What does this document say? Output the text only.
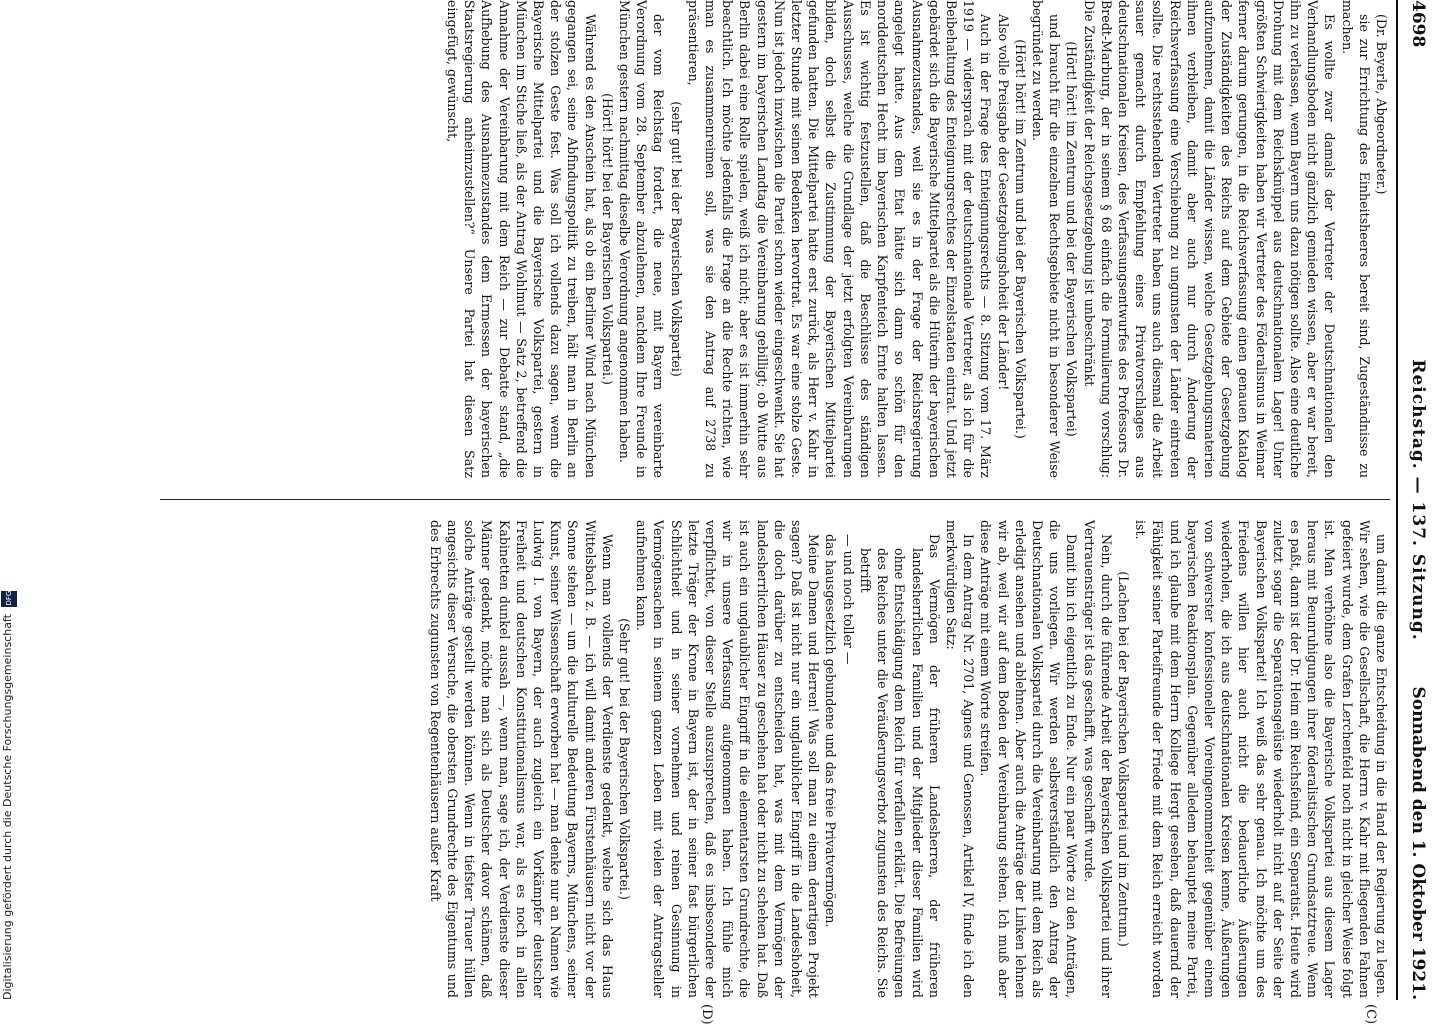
4698
Reichstag. — 137. Sitzung.
Sonnabend den 1. Oktober 1921.

(Dr. Beyerle, Abgeordneter.)

sie zur Errichtung des Einheitsheeres bereit sind, Zugeständnisse zu machen.

Es wollte zwar damals der Vertreter der Deutschnationalen den Verhandlungsboden nicht gänzlich gemieden wissen, aber er war bereit, ihn zu verlassen, wenn Bayern uns dazu nötigen sollte. Also eine deutliche Drohung mit dem Reichsknüppel aus deutschnationalem Lager! Unter größten Schwierigkeiten haben wir Vertreter des Föderalismus in Weimar ferner darum gerungen, in die Reichsverfassung einen genauen Katalog der Zuständigkeiten des Reichs auf dem Gebiete der Gesetzgebung aufzunehmen, damit die Länder wissen, welche Gesetzgebungsmaterien ihnen verbleiben, damit aber auch nur durch Änderung der Reichsverfassung eine Verschiebung zu ungunsten der Länder eintreten sollte. Die rechtsstehenden Vertreter haben uns auch diesmal die Arbeit sauer gemacht durch Empfehlung eines Privatvorschlages aus deutschnationalen Kreisen, des Verfassungsentwurfes des Professors Dr. Bredt-Marburg, der in seinem § 68 einfach die Formulierung vorschlug: Die Zuständigkeit der Reichsgesetzgebung ist unbeschränkt

(Hört! hört! im Zentrum und bei der Bayerischen Volkspartei)

und braucht für die einzelnen Rechtsgebiete nicht in besonderer Weise begründet zu werden.

(Hört! hört! im Zentrum und bei der Bayerischen Volkspartei.)

Also volle Preisgabe der Gesetzgebungshoheit der Länder!

Auch in der Frage des Enteignungsrechts — 8. Sitzung vom 17. März 1919 — widersprach mit der deutschnationale Vertreter, als ich für die Beibehaltung des Enteignungsrechtes der Einzelstaaten eintrat. Und jetzt gebärdet sich die Bayerische Mittelpartei als die Hüterin der bayerischen Ausnahmezustandes, weil sie es in der Frage der Reichsregierung angelegt hatte. Aus dem Etat hätte sich dann so schön für den norddeutschen Hecht im bayerischen Karpfenteich Ernte halten lassen. Es ist wichtig festzustellen, daß die Beschlüsse des ständigen Ausschusses, welche die Grundlage der jetzt erfolgten Vereinbarungen bilden, doch selbst die Zustimmung der Bayerischen Mittelpartei gefunden hatten. Die Mittelpartei hatte erst zurück, als Herr v. Kahr in letzter Stunde mit seinen Bedenken hervortrat. Es war eine stolze Geste. Nun ist jedoch inzwischen die Partei schon wieder eingeschwenkt. Sie hat gestern im bayerischen Landtag die Vereinbarung gebilligt; ob Wutte aus Berlin dabei eine Rolle spielen, weiß ich nicht; aber es ist immerhin sehr beachtlich. Ich möchte jedenfalls die Frage an die Rechte richten, wie man es zusammenreimen soll, was sie den Antrag auf 2738 zu präsentieren,

(sehr gut! bei der Bayerischen Volkspartei)

der vom Reichstag fordert, die neue, mit Bayern vereinbarte Verordnung vom 28. September abzulehnen, nachdem Ihre Freunde in München gestern nachmittag dieselbe Verordnung angenommen haben.

(Hört! hört! bei der Bayerischen Volkspartei.)

Während es den Anschein hat, als ob ein Berliner Wind nach München gegangen sei, seine Abfindungspolitik zu treiben, hält man in Berlin an der stolzen Geste fest. Was soll ich vollends dazu sagen, wenn die Bayerische Mittelpartei und die Bayerische Volkspartei, gestern in München im Stiche ließ, als der Antrag Wohlmut — Satz 2, betreffend die Annahme der Vereinbarung mit dem Reich — zur Debatte stand, „die Aufhebung des Ausnahmezustandes dem Ermessen der bayerischen Staatsregierung anheimzustellen?“ Unsere Partei hat diesen Satz eingefügt, gewünscht,

um damit die ganze Entscheidung in die Hand der Regierung zu legen. Wir sehen, wie die Gesellschaft, die Herrn v. Kahr mit fliegenden Fahnen gefeiert wurde, dem Grafen Lerchenfeld noch nicht in gleicher Weise folgt ist. Man verhöhne also die Bayerische Volkspartei aus diesem Lager heraus mit Beunruhigungen ihrer föderalistischen Grundsatztreue. Wenn es paßt, dann ist der Dr. Heim ein Reichsfeind, ein Separatist. Heute wird zuletzt sogar die Separationsgelüste wiederholt nicht auf der Seite der Bayerischen Volkspartei! Ich weiß das sehr genau. Ich möchte um des Friedens willen hier auch nicht die bedauerliche Äußerungen wiederholen, die ich aus deutschnationalen Kreisen kenne, Äußerungen von schwerster konfessioneller Voreingenommenheit gegenüber einem bayerischen Reaktionsplan. Gegenüber alledem behauptet meine Partei, und ich glaube mit dem Herrn Kollege Hergt gesehen, daß dauernd der Fähigkeit seiner Parteifreunde der Friede mit dem Reich erreicht worden ist.

(Lachen bei der Bayerischen Volkspartei und im Zentrum.)

Nein, durch die führende Arbeit der Bayerischen Volkspartei und ihrer Vertrauensträger ist das geschafft, was geschafft wurde.

Damit bin ich eigentlich zu Ende. Nur ein paar Worte zu den Anträgen, die uns vorliegen. Wir werden selbstverständlich den Antrag der Deutschnationalen Volkspartei durch die Vereinbarung mit dem Reich als erledigt ansehen und ablehnen. Aber auch die Anträge der Linken lehnen wir ab, weil wir auf dem Boden der Vereinbarung stehen. Ich muß aber diese Anträge mit einem Worte streifen.

In dem Antrag Nr. 2701, Agnes und Genossen, Artikel IV, finde ich den merkwürdigen Satz:

Das Vermögen der früheren Landesherren, der früheren landesherrlichen Familien und der Mitglieder dieser Familien wird ohne Entschädigung dem Reich für verfallen erklärt. Die Befreiungen des Reiches unter die Veräußerungsverbot zugunsten des Reichs. Sie betrifft

— und noch toller —

das hausgesetzlich gebundene und das freie Privatvermögen.

Meine Damen und Herren! Was soll man zu einem derartigen Projekt sagen? Daß ist nicht nur ein unglaublicher Eingriff in die Landeshoheit, die doch darüber zu entscheiden hat, was mit dem Vermögen der landesherrlichen Häuser zu geschehen hat oder nicht zu schehen hat. Daß ist auch ein unglaublicher Eingriff in die elementarsten Grundrechte, die wir in unsere Verfassung aufgenommen haben. Ich fühle mich verpflichtet, von dieser Stelle auszusprechen, daß es insbesondere der letzte Träger der Krone in Bayern ist, der in seiner fast bürgerlichen Schlichtheit und in seiner vornehmen und reinen Gesinnung in Vermögensachen in seinem ganzen Leben mit vielen der Antragsteller aufnehmen kann.

(Sehr gut! bei der Bayerischen Volkspartei.)

Wenn man vollends der Verdienste gedenkt, welche sich das Haus Wittelsbach z. B. — ich will damit anderen Fürstenhäusern nicht vor der Sonne stehen — um die kulturelle Bedeutung Bayerns, Münchens, seiner Kunst, seiner Wissenschaft erworben hat — man denke nur an Namen wie Ludwig I. von Bayern, der auch zugleich ein Vorkämpfer deutscher Freiheit und deutschen Konstitutionalismus war, als es noch in allen Kabinetten dunkel aussah —, wenn man, sage ich, der Verdienste dieser Männer gedenkt, möchte man sich als Deutscher davor schämen, daß solche Anträge gestellt werden können. Wenn in tiefster Trauer hüllen angesichts dieser Versuche, die obersten Grundrechte des Eigentums und des Erbrechts zugunsten von Regentenhäusern außer Kraft

(C)
(D)
Digitalisierung gefördert durch die Deutsche Forschungsgemeinschaft DFG
